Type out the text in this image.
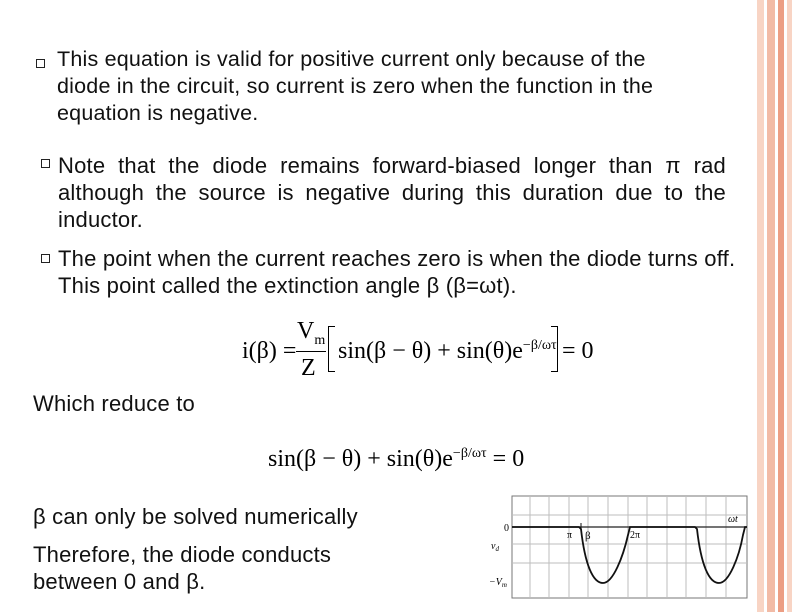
This equation is valid for positive current only because of the diode in the circuit, so current is zero when the function in the equation is negative.
Note that the diode remains forward-biased longer than π rad although the source is negative during this duration due to the inductor.
The point when the current reaches zero is when the diode turns off. This point called the extinction angle β (β=ωt).
i(β) =
$V_m$
Z
$\sin(\beta - \theta) + \sin(\theta)e^{-\beta/\omega\tau} = 0$
Which reduce to
$\sin(\beta - \theta) + \sin(\theta)e^{-\beta/\omega\tau} = 0$
β can only be solved numerically
Therefore, the diode conducts between 0 and β.
0
$v_d$
$-V_m$
π β	2π
ωt
